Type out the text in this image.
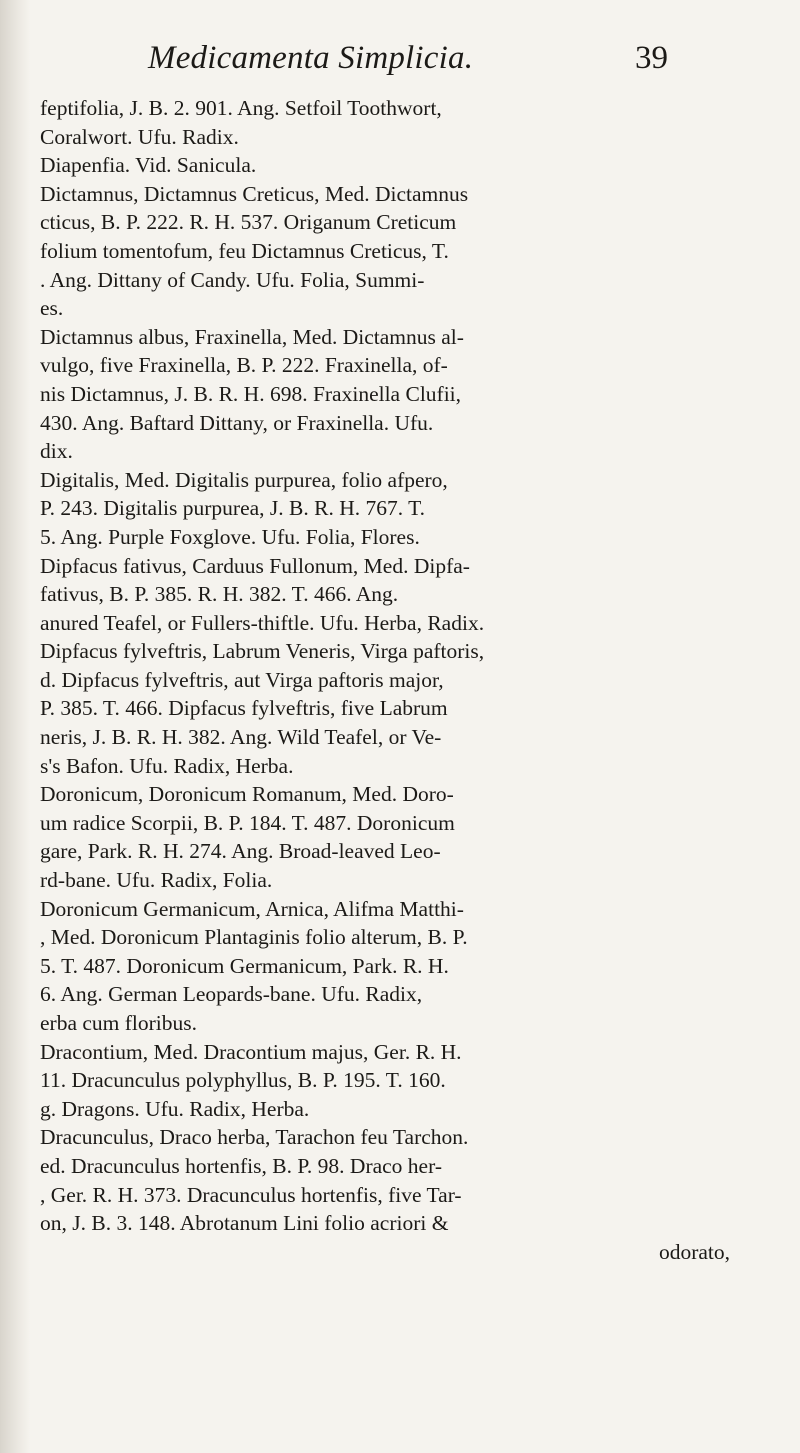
Medicamenta Simplicia.	39
feptifolia, J. B. 2. 901. Ang. Setfoil Toothwort,
Coralwort. Ufu. Radix.
Diapenfia. Vid. Sanicula.
Dictamnus, Dictamnus Creticus, Med. Dictamnus
cticus, B. P. 222. R. H. 537. Origanum Creticum
folium tomentofum, feu Dictamnus Creticus, T.
. Ang. Dittany of Candy. Ufu. Folia, Summi-
es.
Dictamnus albus, Fraxinella, Med. Dictamnus al-
vulgo, five Fraxinella, B. P. 222. Fraxinella, of-
nis Dictamnus, J. B. R. H. 698. Fraxinella Clufii,
430. Ang. Baftard Dittany, or Fraxinella. Ufu.
dix.
Digitalis, Med. Digitalis purpurea, folio afpero,
P. 243. Digitalis purpurea, J. B. R. H. 767. T.
5. Ang. Purple Foxglove. Ufu. Folia, Flores.
Dipfacus fativus, Carduus Fullonum, Med. Dipfa-
fativus, B. P. 385. R. H. 382. T. 466. Ang.
anured Teafel, or Fullers-thiftle. Ufu. Herba, Radix.
Dipfacus fylveftris, Labrum Veneris, Virga paftoris,
d. Dipfacus fylveftris, aut Virga paftoris major,
P. 385. T. 466. Dipfacus fylveftris, five Labrum
neris, J. B. R. H. 382. Ang. Wild Teafel, or Ve-
s's Bafon. Ufu. Radix, Herba.
Doronicum, Doronicum Romanum, Med. Doro-
um radice Scorpii, B. P. 184. T. 487. Doronicum
gare, Park. R. H. 274. Ang. Broad-leaved Leo-
rd-bane. Ufu. Radix, Folia.
Doronicum Germanicum, Arnica, Alifma Matthi-
, Med. Doronicum Plantaginis folio alterum, B. P.
5. T. 487. Doronicum Germanicum, Park. R. H.
6. Ang. German Leopards-bane. Ufu. Radix,
erba cum floribus.
Dracontium, Med. Dracontium majus, Ger. R. H.
11. Dracunculus polyphyllus, B. P. 195. T. 160.
g. Dragons. Ufu. Radix, Herba.
Dracunculus, Draco herba, Tarachon feu Tarchon.
ed. Dracunculus hortenfis, B. P. 98. Draco her-
, Ger. R. H. 373. Dracunculus hortenfis, five Tar-
on, J. B. 3. 148. Abrotanum Lini folio acriori &
odorato,
